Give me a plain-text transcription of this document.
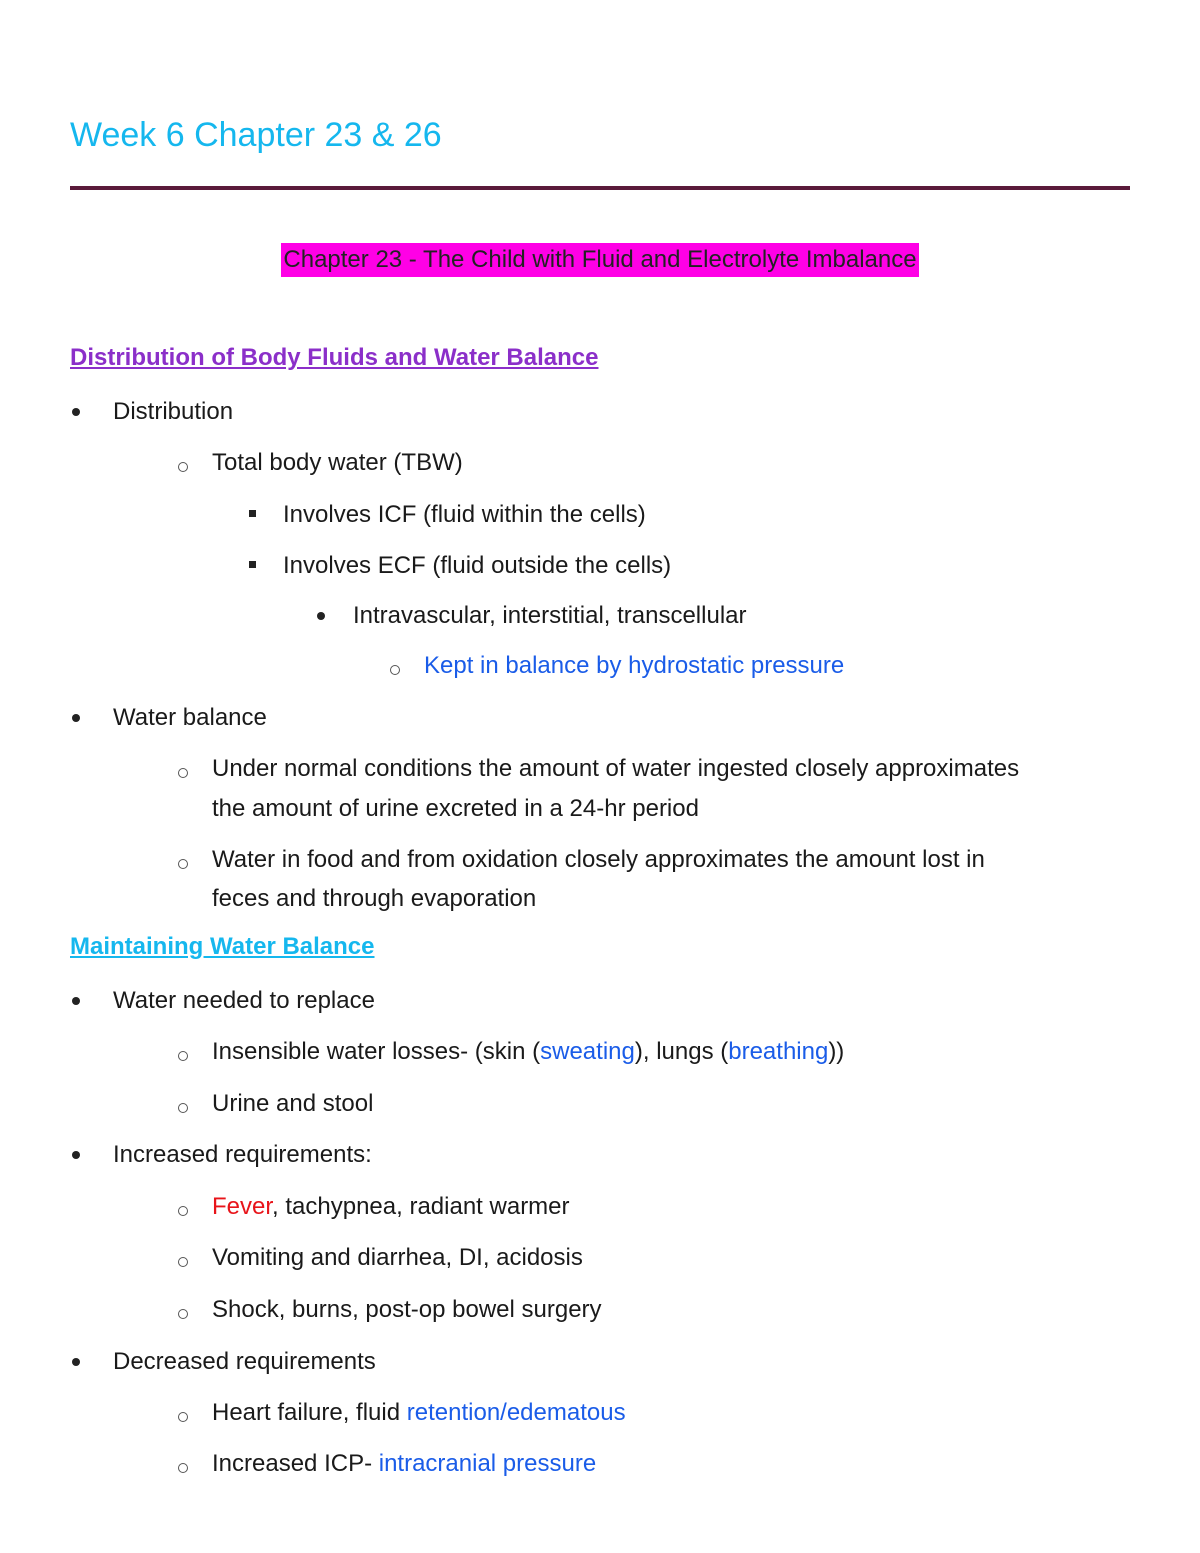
Week 6 Chapter 23 & 26
Chapter 23 - The Child with Fluid and Electrolyte Imbalance
Distribution of Body Fluids and Water Balance
Distribution
Total body water (TBW)
Involves ICF (fluid within the cells)
Involves ECF (fluid outside the cells)
Intravascular, interstitial, transcellular
Kept in balance by hydrostatic pressure
Water balance
Under normal conditions the amount of water ingested closely approximates
the amount of urine excreted in a 24-hr period
Water in food and from oxidation closely approximates the amount lost in
feces and through evaporation
Maintaining Water Balance
Water needed to replace
Insensible water losses- (skin (sweating), lungs (breathing))
Urine and stool
Increased requirements:
Fever, tachypnea, radiant warmer
Vomiting and diarrhea, DI, acidosis
Shock, burns, post-op bowel surgery
Decreased requirements
Heart failure, fluid retention/edematous
Increased ICP- intracranial pressure
